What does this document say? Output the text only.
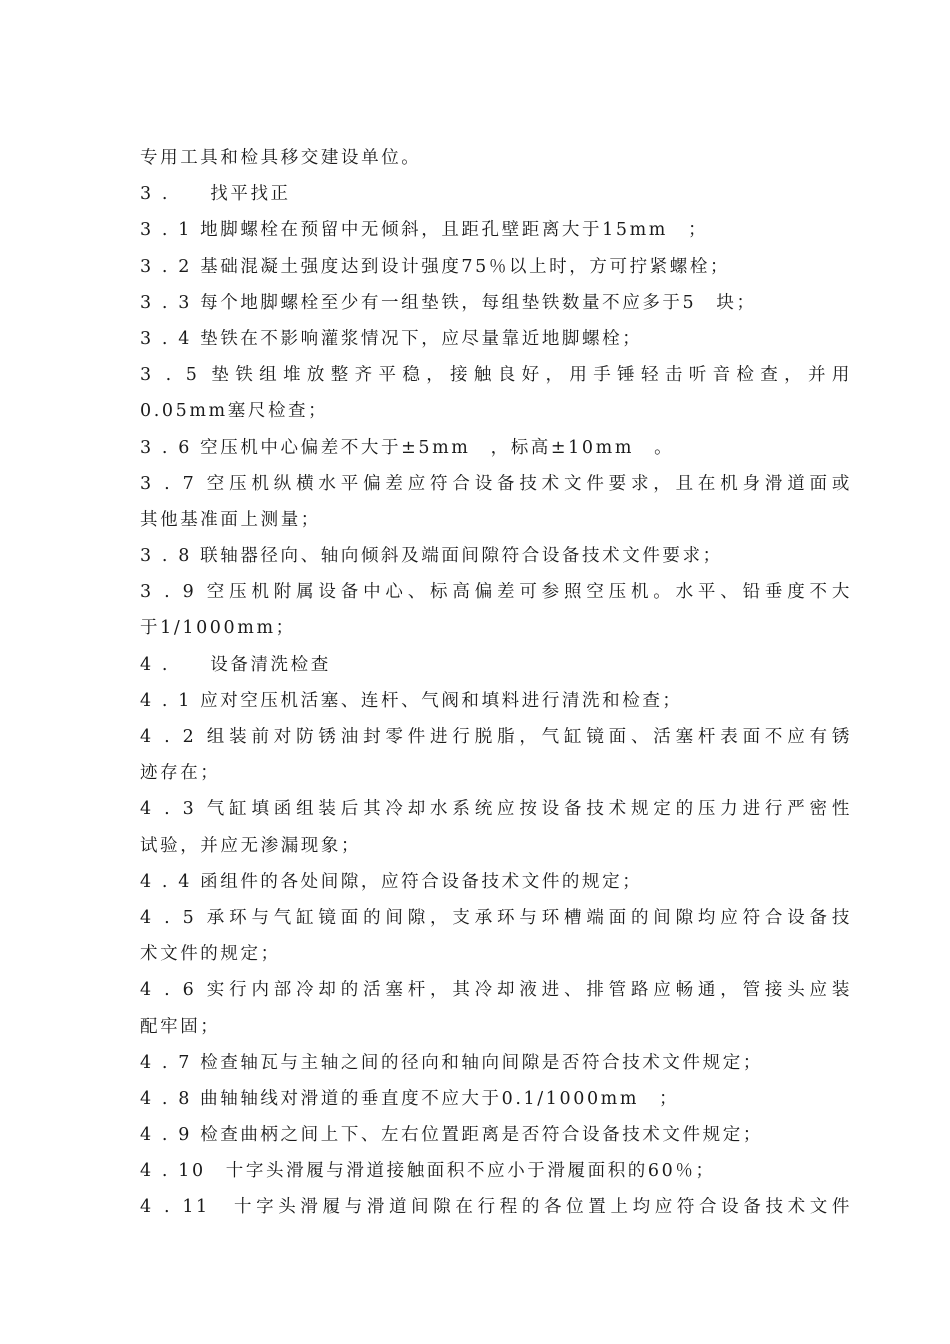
专用工具和检具移交建设单位。
3 .　　找平找正
3 . 1 地脚螺栓在预留中无倾斜，且距孔壁距离大于15mm　；
3 . 2 基础混凝土强度达到设计强度75％以上时，方可拧紧螺栓；
3 . 3 每个地脚螺栓至少有一组垫铁，每组垫铁数量不应多于5　块；
3 . 4 垫铁在不影响灌浆情况下，应尽量靠近地脚螺栓；
3 . 5 垫铁组堆放整齐平稳，接触良好，用手锤轻击听音检查，并用
0.05mm塞尺检查；
3 . 6 空压机中心偏差不大于±5mm　，标高±10mm　。
3 . 7 空压机纵横水平偏差应符合设备技术文件要求，且在机身滑道面或
其他基准面上测量；
3 . 8 联轴器径向、轴向倾斜及端面间隙符合设备技术文件要求；
3 . 9 空压机附属设备中心、标高偏差可参照空压机。水平、铅垂度不大
于1/1000mm；
4 .　　设备清洗检查
4 . 1 应对空压机活塞、连杆、气阀和填料进行清洗和检查；
4 . 2 组装前对防锈油封零件进行脱脂，气缸镜面、活塞杆表面不应有锈
迹存在；
4 . 3 气缸填函组装后其冷却水系统应按设备技术规定的压力进行严密性
试验，并应无渗漏现象；
4 . 4 函组件的各处间隙，应符合设备技术文件的规定；
4 . 5 承环与气缸镜面的间隙，支承环与环槽端面的间隙均应符合设备技
术文件的规定；
4 . 6 实行内部冷却的活塞杆，其冷却液进、排管路应畅通，管接头应装
配牢固；
4 . 7 检查轴瓦与主轴之间的径向和轴向间隙是否符合技术文件规定；
4 . 8 曲轴轴线对滑道的垂直度不应大于0.1/1000mm　；
4 . 9 检查曲柄之间上下、左右位置距离是否符合设备技术文件规定；
4 . 10　十字头滑履与滑道接触面积不应小于滑履面积的60％；
4 . 11　十字头滑履与滑道间隙在行程的各位置上均应符合设备技术文件
